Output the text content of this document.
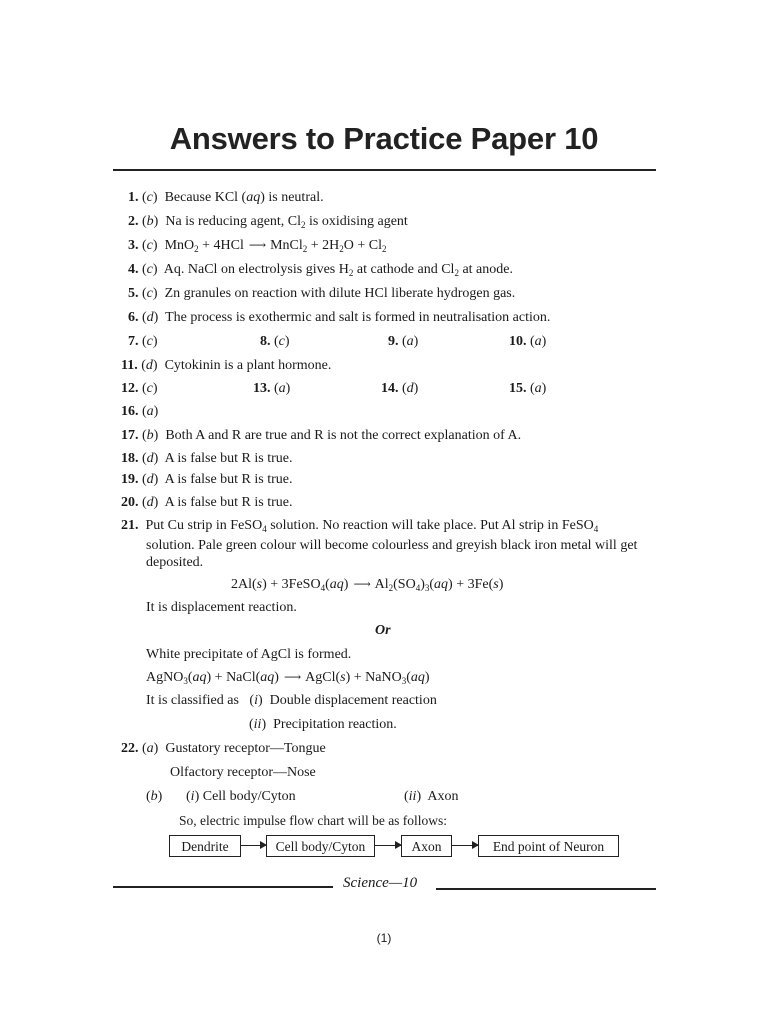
Answers to Practice Paper 10
1. (c)  Because KCl (aq) is neutral.
2. (b)  Na is reducing agent, $Cl_2$ is oxidising agent
3. (c)  MnO$_2$ + 4HCl ⟶ MnCl$_2$ + $2H_2O + Cl_2$
4. (c)  Aq. NaCl on electrolysis gives $H_2$ at cathode and $Cl_2$ at anode.
5. (c)  Zn granules on reaction with dilute HCl liberate hydrogen gas.
6. (d)  The process is exothermic and salt is formed in neutralisation action.
7. (c)	8. (c)	9. (a)	10. (a)
11. (d)  Cytokinin is a plant hormone.
12. (c)	13. (a)	14. (d)	15. (a)
16. (a)
17. (b)  Both A and R are true and R is not the correct explanation of A.
18. (d)  A is false but R is true.
19. (d)  A is false but R is true.
20. (d)  A is false but R is true.
21. Put Cu strip in FeSO$_4$ solution. No reaction will take place. Put Al strip in FeSO$_4$
solution. Pale green colour will become colourless and greyish black iron metal will get
deposited.
2Al(s) + 3FeSO$_4$(aq) ⟶ $Al_2(SO_4)_3(aq) + 3Fe(s)$
It is displacement reaction.
Or
White precipitate of AgCl is formed.
AgNO$_3$(aq) + NaCl(aq) ⟶ AgCl(s) + NaNO$_3$(aq)
It is classified as   (i)  Double displacement reaction
(ii)  Precipitation reaction.
22. (a)  Gustatory receptor—Tongue
Olfactory receptor—Nose
(b) (i) Cell body/Cyton	(ii)  Axon
So, electric impulse flow chart will be as follows:
Dendrite	Cell body/Cyton	Axon	End point of Neuron
Science—10
(1)
